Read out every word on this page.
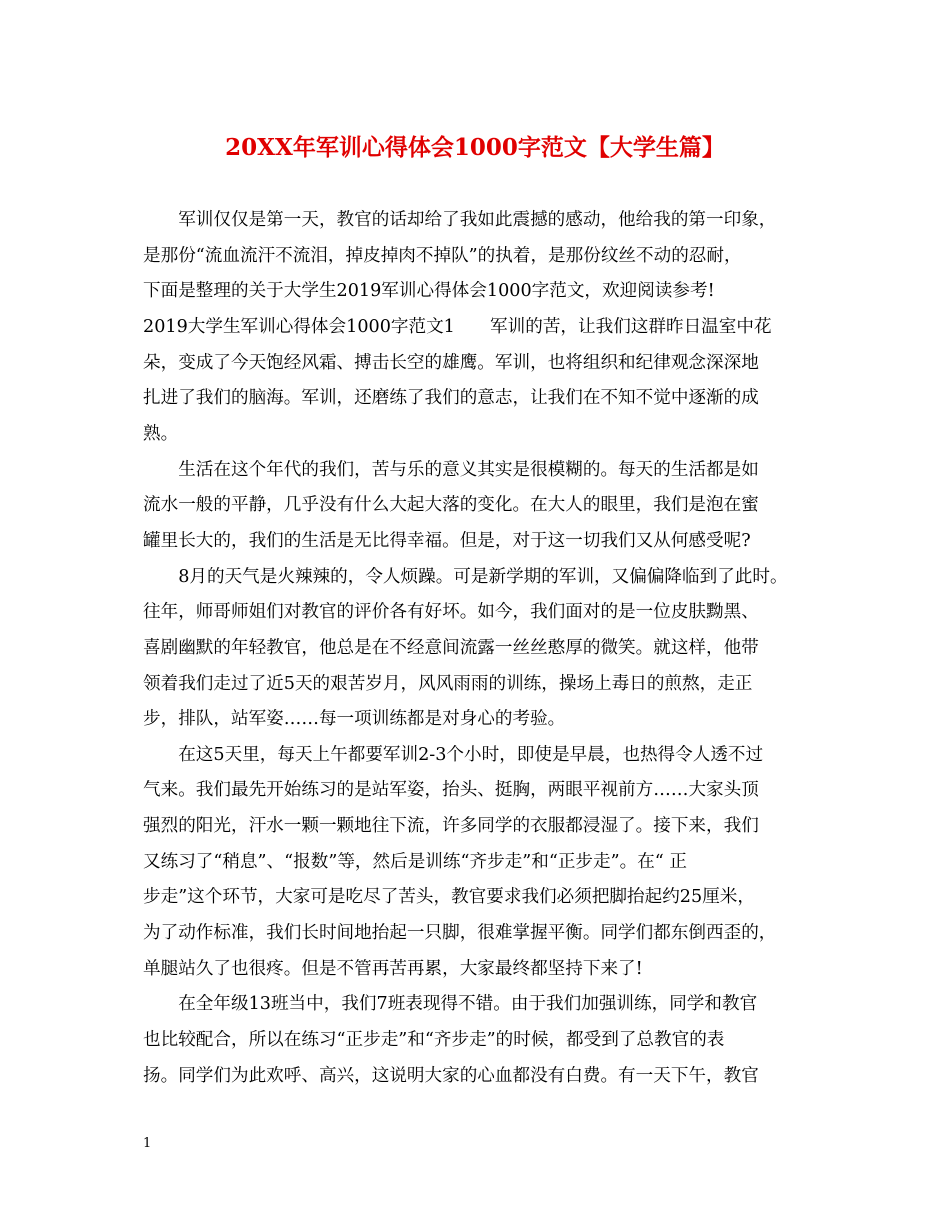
20XX年军训心得体会1000字范文【大学生篇】
　　军训仅仅是第一天，教官的话却给了我如此震撼的感动，他给我的第一印象，
是那份“流血流汗不流泪，掉皮掉肉不掉队”的执着，是那份纹丝不动的忍耐，
下面是整理的关于大学生2019军训心得体会1000字范文，欢迎阅读参考!
2019大学生军训心得体会1000字范文1　　军训的苦，让我们这群昨日温室中花
朵，变成了今天饱经风霜、搏击长空的雄鹰。军训，也将组织和纪律观念深深地
扎进了我们的脑海。军训，还磨练了我们的意志，让我们在不知不觉中逐渐的成
熟。
　　生活在这个年代的我们，苦与乐的意义其实是很模糊的。每天的生活都是如
流水一般的平静，几乎没有什么大起大落的变化。在大人的眼里，我们是泡在蜜
罐里长大的，我们的生活是无比得幸福。但是，对于这一切我们又从何感受呢?
　　8月的天气是火辣辣的，令人烦躁。可是新学期的军训，又偏偏降临到了此时。
往年，师哥师姐们对教官的评价各有好坏。如今，我们面对的是一位皮肤黝黑、
喜剧幽默的年轻教官，他总是在不经意间流露一丝丝憨厚的微笑。就这样，他带
领着我们走过了近5天的艰苦岁月，风风雨雨的训练，操场上毒日的煎熬，走正
步，排队，站军姿……每一项训练都是对身心的考验。
　　在这5天里，每天上午都要军训2-3个小时，即使是早晨，也热得令人透不过
气来。我们最先开始练习的是站军姿，抬头、挺胸，两眼平视前方……大家头顶
强烈的阳光，汗水一颗一颗地往下流，许多同学的衣服都浸湿了。接下来，我们
又练习了“稍息”、“报数”等，然后是训练“齐步走”和“正步走”。在“ 正
步走”这个环节，大家可是吃尽了苦头，教官要求我们必须把脚抬起约25厘米，
为了动作标准，我们长时间地抬起一只脚，很难掌握平衡。同学们都东倒西歪的，
单腿站久了也很疼。但是不管再苦再累，大家最终都坚持下来了!
　　在全年级13班当中，我们7班表现得不错。由于我们加强训练，同学和教官
也比较配合，所以在练习“正步走”和“齐步走”的时候，都受到了总教官的表
扬。同学们为此欢呼、高兴，这说明大家的心血都没有白费。有一天下午，教官
1
